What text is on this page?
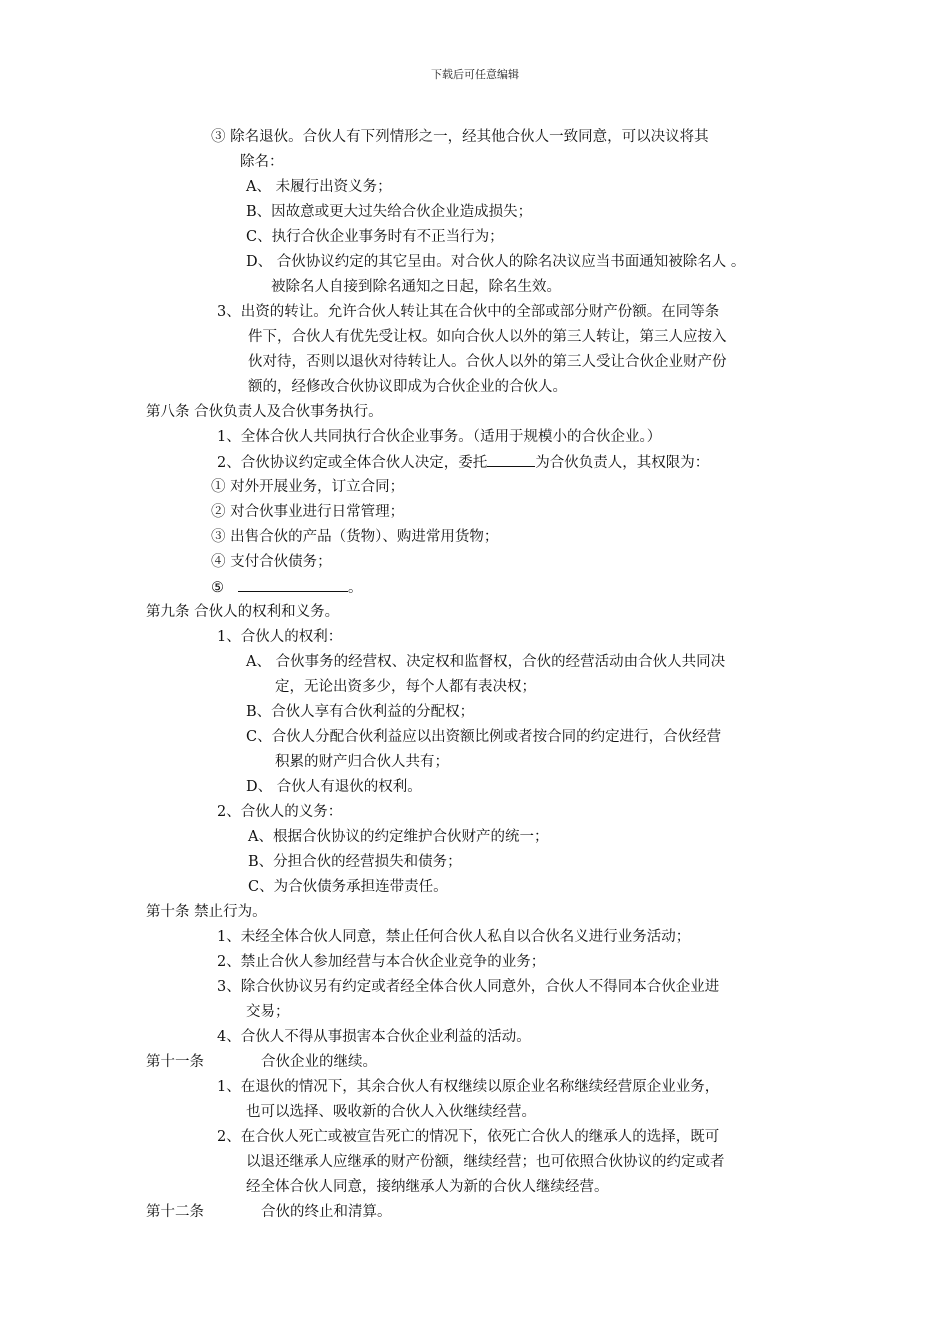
下载后可任意编辑
③ 除名退伙。合伙人有下列情形之一，经其他合伙人一致同意，可以决议将其
除名：
A、 未履行出资义务；
B、因故意或更大过失给合伙企业造成损失；
C、执行合伙企业事务时有不正当行为；
D、 合伙协议约定的其它呈由。对合伙人的除名决议应当书面通知被除名人 。
被除名人自接到除名通知之日起，除名生效。
3、出资的转让。允许合伙人转让其在合伙中的全部或部分财产份额。在同等条
件下，合伙人有优先受让权。如向合伙人以外的第三人转让，第三人应按入
伙对待，否则以退伙对待转让人。合伙人以外的第三人受让合伙企业财产份
额的，经修改合伙协议即成为合伙企业的合伙人。
第八条 合伙负责人及合伙事务执行。
1、全体合伙人共同执行合伙企业事务。（适用于规模小的合伙企业。）
2、合伙协议约定或全体合伙人决定，委托	为合伙负责人，其权限为：
① 对外开展业务，订立合同；
② 对合伙事业进行日常管理；
③ 出售合伙的产品（货物）、购进常用货物；
④ 支付合伙债务；
⑤	。
第九条 合伙人的权利和义务。
1、合伙人的权利：
A、 合伙事务的经营权、决定权和监督权，合伙的经营活动由合伙人共同决
定，无论出资多少，每个人都有表决权；
B、合伙人享有合伙利益的分配权；
C、合伙人分配合伙利益应以出资额比例或者按合同的约定进行，合伙经营
积累的财产归合伙人共有；
D、 合伙人有退伙的权利。
2、合伙人的义务：
A、根据合伙协议的约定维护合伙财产的统一；
B、分担合伙的经营损失和债务；
C、为合伙债务承担连带责任。
第十条 禁止行为。
1、未经全体合伙人同意，禁止任何合伙人私自以合伙名义进行业务活动；
2、禁止合伙人参加经营与本合伙企业竞争的业务；
3、除合伙协议另有约定或者经全体合伙人同意外，合伙人不得同本合伙企业进
交易；
4、合伙人不得从事损害本合伙企业利益的活动。
第十一条	合伙企业的继续。
1、在退伙的情况下，其余合伙人有权继续以原企业名称继续经营原企业业务，
也可以选择、吸收新的合伙人入伙继续经营。
2、在合伙人死亡或被宣告死亡的情况下，依死亡合伙人的继承人的选择，既可
以退还继承人应继承的财产份额，继续经营；也可依照合伙协议的约定或者
经全体合伙人同意，接纳继承人为新的合伙人继续经营。
第十二条	合伙的终止和清算。
